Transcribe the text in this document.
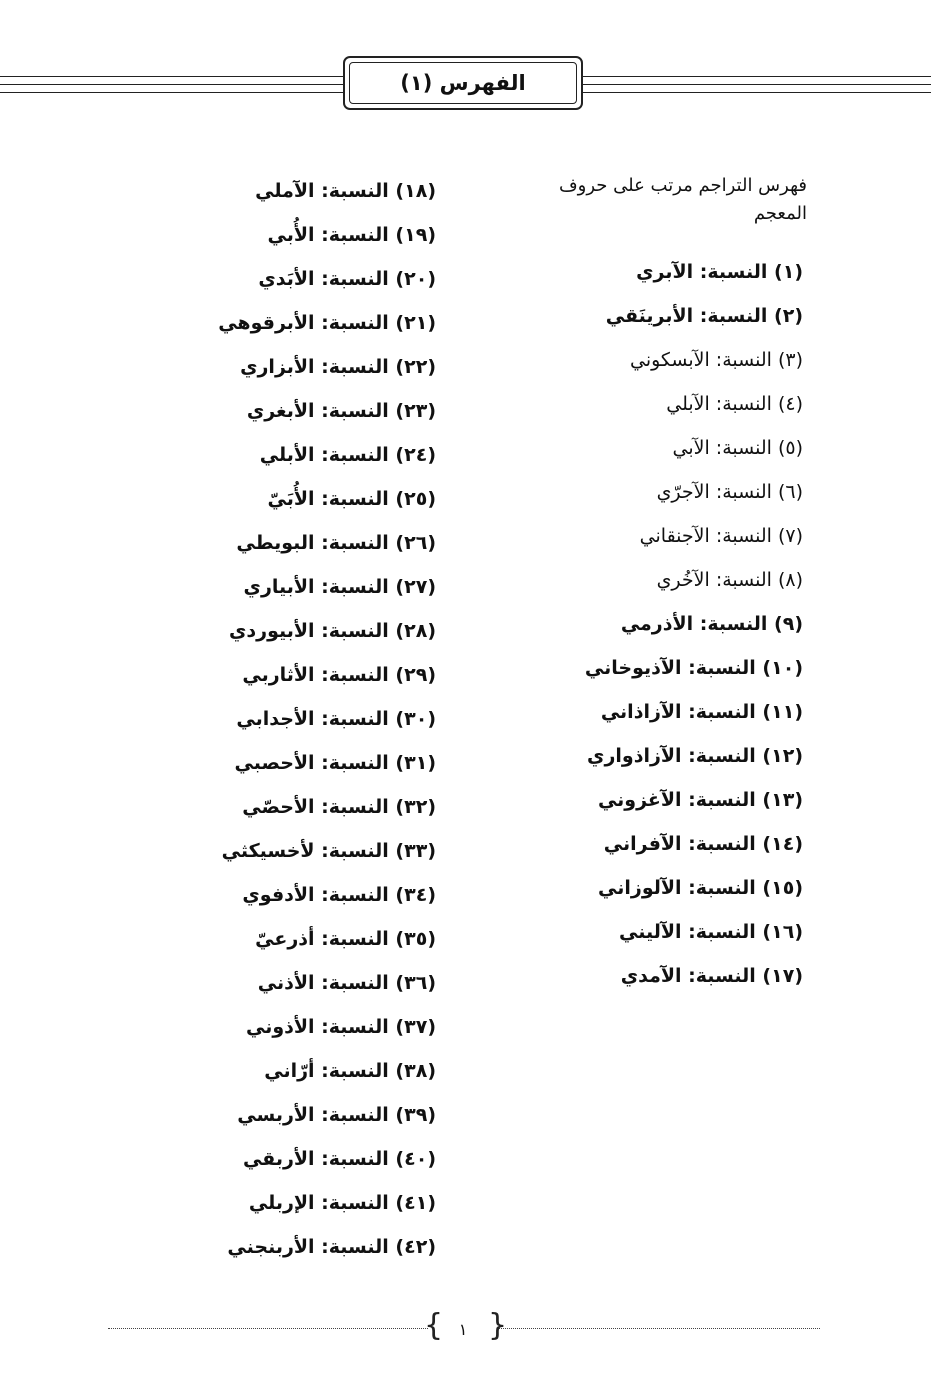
الفهرس (١)
فهرس التراجم مرتب على حروف المعجم
(١) النسبة: الآبري
(٢) النسبة: الأبرينَقي
(٣) النسبة: الآبسكوني
(٤) النسبة: الآبلي
(٥) النسبة: الآبي
(٦) النسبة: الآجرّي
(٧) النسبة: الآجنقاني
(٨) النسبة: الآخُري
(٩) النسبة: الأذرمي
(١٠) النسبة: الآذيوخاني
(١١) النسبة: الآزاذاني
(١٢) النسبة: الآزاذواري
(١٣) النسبة: الآغزوني
(١٤) النسبة: الآفراني
(١٥) النسبة: الآلوزاني
(١٦) النسبة: الآليني
(١٧) النسبة: الآمدي
(١٨) النسبة: الآملي
(١٩) النسبة: الأُبي
(٢٠) النسبة: الأبَدي
(٢١) النسبة: الأبرقوهي
(٢٢) النسبة: الأبزاري
(٢٣) النسبة: الأبغري
(٢٤) النسبة: الأبلي
(٢٥) النسبة: الأُبَيّ
(٢٦) النسبة: البويطي
(٢٧) النسبة: الأبياري
(٢٨) النسبة: الأبيوردي
(٢٩) النسبة: الأثاربي
(٣٠) النسبة: الأجدابي
(٣١) النسبة: الأحصبي
(٣٢) النسبة: الأحصّي
(٣٣) النسبة: لأخسيكثي
(٣٤) النسبة: الأدفوي
(٣٥) النسبة: أذرعيّ
(٣٦) النسبة: الأذني
(٣٧) النسبة: الأذوني
(٣٨) النسبة: أرّاني
(٣٩) النسبة: الأربسي
(٤٠) النسبة: الأربقي
(٤١) النسبة: الإربلي
(٤٢) النسبة: الأربنجني
{ }
١
